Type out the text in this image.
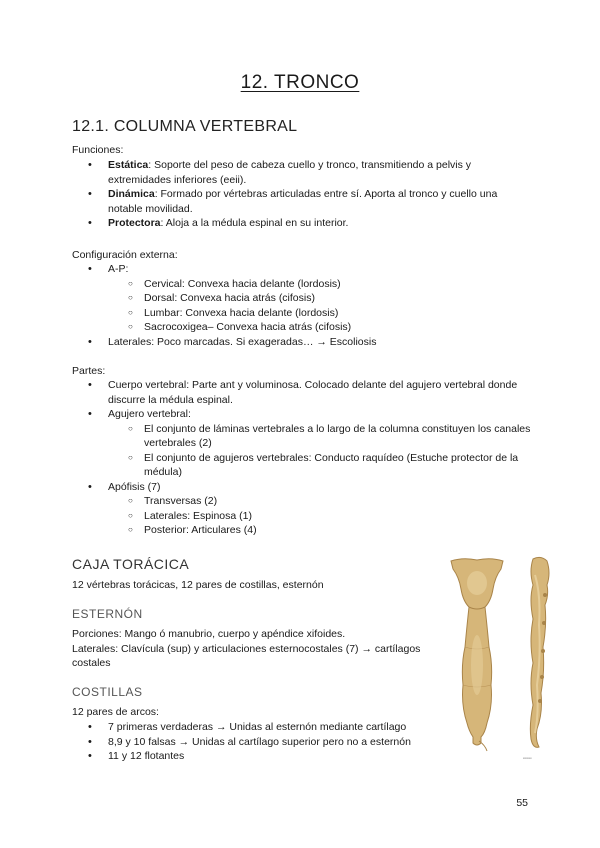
12. TRONCO
12.1. COLUMNA VERTEBRAL
Funciones:
• Estática: Soporte del peso de cabeza cuello y tronco, transmitiendo a pelvis y extremidades inferiores (eeii).
• Dinámica: Formado por vértebras articuladas entre sí. Aporta al tronco y cuello una notable movilidad.
• Protectora: Aloja a la médula espinal en su interior.
Configuración externa:
• A-P:
○ Cervical: Convexa hacia delante (lordosis)
○ Dorsal: Convexa hacia atrás (cifosis)
○ Lumbar: Convexa hacia delante (lordosis)
○ Sacrocoxigea– Convexa hacia atrás (cifosis)
• Laterales: Poco marcadas. Si exageradas… → Escoliosis
Partes:
• Cuerpo vertebral: Parte ant y voluminosa. Colocado delante del agujero vertebral donde discurre la médula espinal.
• Agujero vertebral:
○ El conjunto de láminas vertebrales a lo largo de la columna constituyen los canales vertebrales (2)
○ El conjunto de agujeros vertebrales: Conducto raquídeo (Estuche protector de la médula)
• Apófisis (7)
○ Transversas (2)
○ Laterales: Espinosa (1)
○ Posterior: Articulares (4)
CAJA TORÁCICA
12 vértebras torácicas, 12 pares de costillas, esternón
ESTERNÓN
Porciones: Mango ó manubrio, cuerpo y apéndice xifoides.
Laterales: Clavícula (sup) y articulaciones esternocostales (7) → cartílagos costales
COSTILLAS
12 pares de arcos:
• 7 primeras verdaderas → Unidas al esternón mediante cartílago
• 8,9 y 10 falsas → Unidas al cartílago superior pero no a esternón
• 11 y 12 flotantes	▪▪▪▪▪▪▪▪
55
